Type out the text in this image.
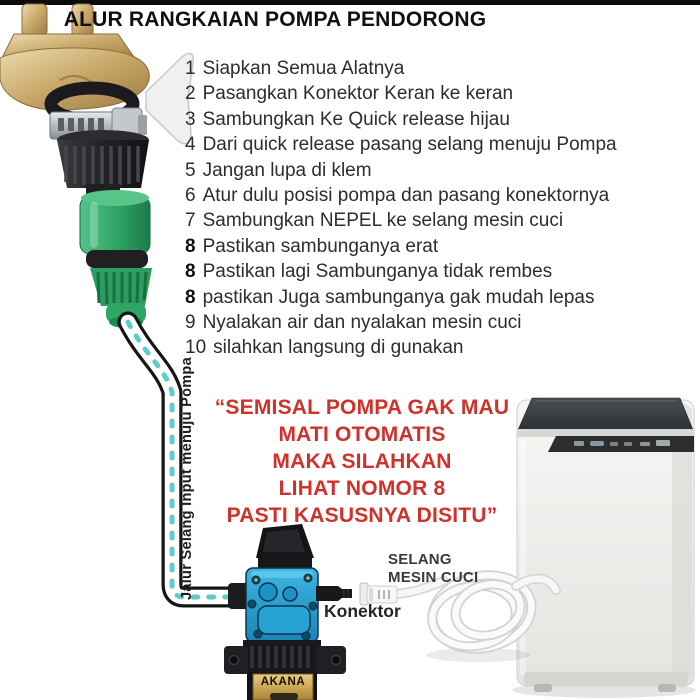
ALUR RANGKAIAN POMPA PENDORONG
1 Siapkan Semua Alatnya
2 Pasangkan Konektor Keran ke keran
3 Sambungkan Ke Quick release hijau
4 Dari quick release pasang selang menuju Pompa
5 Jangan lupa di klem
6 Atur dulu posisi pompa dan pasang konektornya
7 Sambungkan NEPEL ke selang mesin cuci
8 Pastikan sambunganya erat
8 Pastikan lagi Sambunganya tidak rembes
8 pastikan Juga sambunganya gak mudah lepas
9 Nyalakan air dan nyalakan mesin cuci
10 silahkan langsung di gunakan
“SEMISAL POMPA GAK MAU
MATI OTOMATIS
MAKA SILAHKAN
LIHAT NOMOR 8
PASTI KASUSNYA DISITU”
Jalur Selang Input menuju Pompa	SELANG
MESIN CUCI
Konektor
AKANA
